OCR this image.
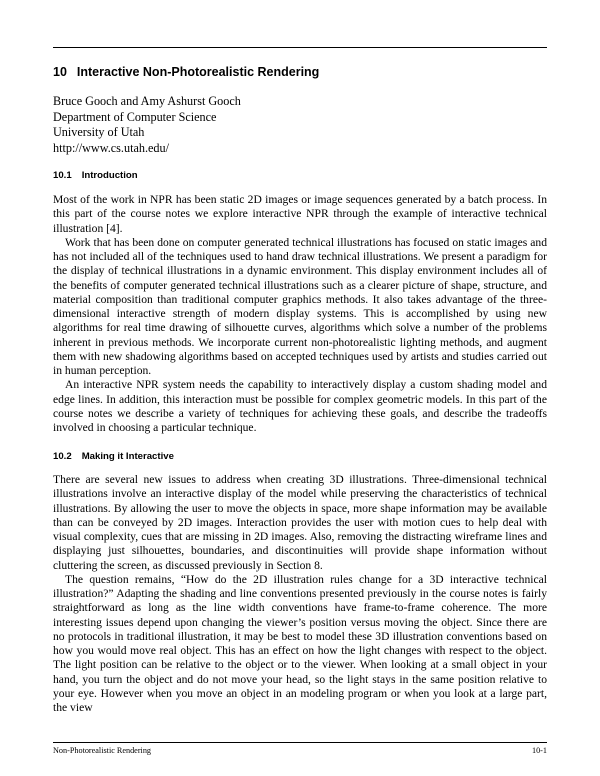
10 Interactive Non-Photorealistic Rendering
Bruce Gooch and Amy Ashurst Gooch
Department of Computer Science
University of Utah
http://www.cs.utah.edu/
10.1 Introduction

Most of the work in NPR has been static 2D images or image sequences generated by a batch process. In this part of the course notes we explore interactive NPR through the example of interactive technical illustration [4].

Work that has been done on computer generated technical illustrations has focused on static images and has not included all of the techniques used to hand draw technical illustrations. We present a paradigm for the display of technical illustrations in a dynamic environment. This display environment includes all of the benefits of computer generated technical illustrations such as a clearer picture of shape, structure, and material composition than traditional computer graphics methods. It also takes advantage of the three-dimensional interactive strength of modern display systems. This is accomplished by using new algorithms for real time drawing of silhouette curves, algorithms which solve a number of the problems inherent in previous methods. We incorporate current non-photorealistic lighting methods, and augment them with new shadowing algorithms based on accepted techniques used by artists and studies carried out in human perception.

An interactive NPR system needs the capability to interactively display a custom shading model and edge lines. In addition, this interaction must be possible for complex geometric models. In this part of the course notes we describe a variety of techniques for achieving these goals, and describe the tradeoffs involved in choosing a particular technique.

10.2 Making it Interactive

There are several new issues to address when creating 3D illustrations. Three-dimensional technical illustrations involve an interactive display of the model while preserving the characteristics of technical illustrations. By allowing the user to move the objects in space, more shape information may be available than can be conveyed by 2D images. Interaction provides the user with motion cues to help deal with visual complexity, cues that are missing in 2D images. Also, removing the distracting wireframe lines and displaying just silhouettes, boundaries, and discontinuities will provide shape information without cluttering the screen, as discussed previously in Section 8.

The question remains, “How do the 2D illustration rules change for a 3D interactive technical illustration?” Adapting the shading and line conventions presented previously in the course notes is fairly straightforward as long as the line width conventions have frame-to-frame coherence. The more interesting issues depend upon changing the viewer’s position versus moving the object. Since there are no protocols in traditional illustration, it may be best to model these 3D illustration conventions based on how you would move real object. This has an effect on how the light changes with respect to the object. The light position can be relative to the object or to the viewer. When looking at a small object in your hand, you turn the object and do not move your head, so the light stays in the same position relative to your eye. However when you move an object in an modeling program or when you look at a large part, the view

Non-Photorealistic Rendering	10-1
